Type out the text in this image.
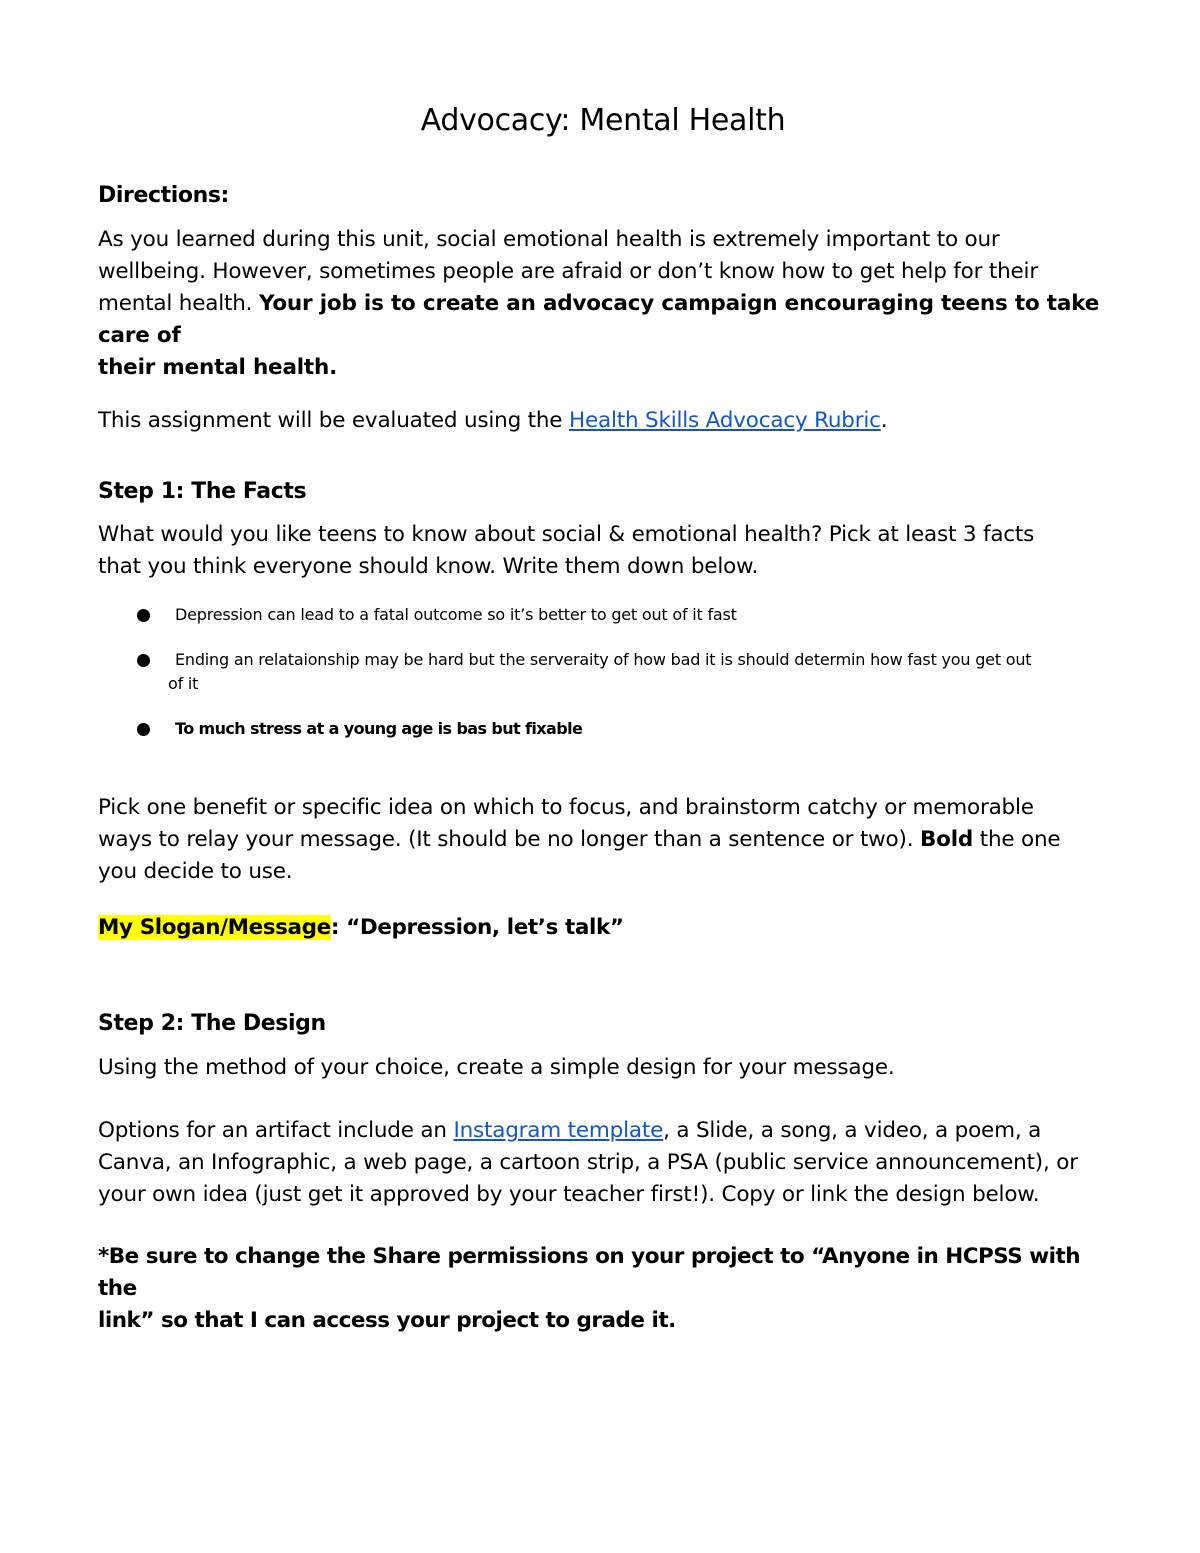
Advocacy: Mental Health
Directions:
As you learned during this unit, social emotional health is extremely important to our
wellbeing. However, sometimes people are afraid or don’t know how to get help for their
mental health. Your job is to create an advocacy campaign encouraging teens to take care of
their mental health.
This assignment will be evaluated using the Health Skills Advocacy Rubric.
Step 1: The Facts
What would you like teens to know about social & emotional health? Pick at least 3 facts
that you think everyone should know. Write them down below.
Depression can lead to a fatal outcome so it’s better to get out of it fast
Ending an relataionship may be hard but the serveraity of how bad it is should determin how fast you get out
of it
To much stress at a young age is bas but fixable
Pick one benefit or specific idea on which to focus, and brainstorm catchy or memorable
ways to relay your message. (It should be no longer than a sentence or two). Bold the one
you decide to use.
My Slogan/Message: “Depression, let’s talk”
Step 2: The Design
Using the method of your choice, create a simple design for your message.
Options for an artifact include an Instagram template, a Slide, a song, a video, a poem, a
Canva, an Infographic, a web page, a cartoon strip, a PSA (public service announcement), or
your own idea (just get it approved by your teacher first!). Copy or link the design below.
*Be sure to change the Share permissions on your project to “Anyone in HCPSS with the
link” so that I can access your project to grade it.
